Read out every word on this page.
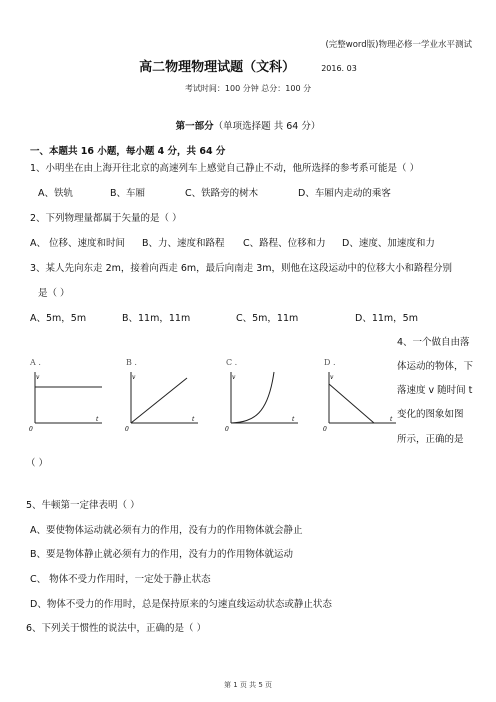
(完整word版)物理必修一学业水平测试
高二物理物理试题（文科）	2016. 03
考试时间：100 分钟 总分：100 分
第一部分（单项选择题 共 64 分）
一、本题共 16 小题，每小题 4 分，共 64 分
1、小明坐在由上海开往北京的高速列车上感觉自己静止不动，他所选择的参考系可能是（ ）
A、铁轨	B、车厢	C、铁路旁的树木	D、车厢内走动的乘客
2、下列物理量都属于矢量的是（ ）
A、 位移、速度和时间 B、力、速度和路程 C、路程、位移和力 D、速度、加速度和力
3、某人先向东走 2m，接着向西走 6m，最后向南走 3m，则他在这段运动中的位移大小和路程分别
是（ ）
A、5m，5m	B、11m，11m	C、5m，11m	D、11m，5m
A .
v
t
0
B .
v
t
0
C .
v
t
0
D .
v
t
0
4、一个做自由落
体运动的物体，下
落速度 v 随时间 t
变化的图象如图
所示，正确的是
（ ）
5、牛顿第一定律表明（ ）
A、要使物体运动就必须有力的作用，没有力的作用物体就会静止
B、要是物体静止就必须有力的作用，没有力的作用物体就运动
C、 物体不受力作用时，一定处于静止状态
D、物体不受力的作用时，总是保持原来的匀速直线运动状态或静止状态
6、下列关于惯性的说法中，正确的是（ ）
第 1 页 共 5 页
